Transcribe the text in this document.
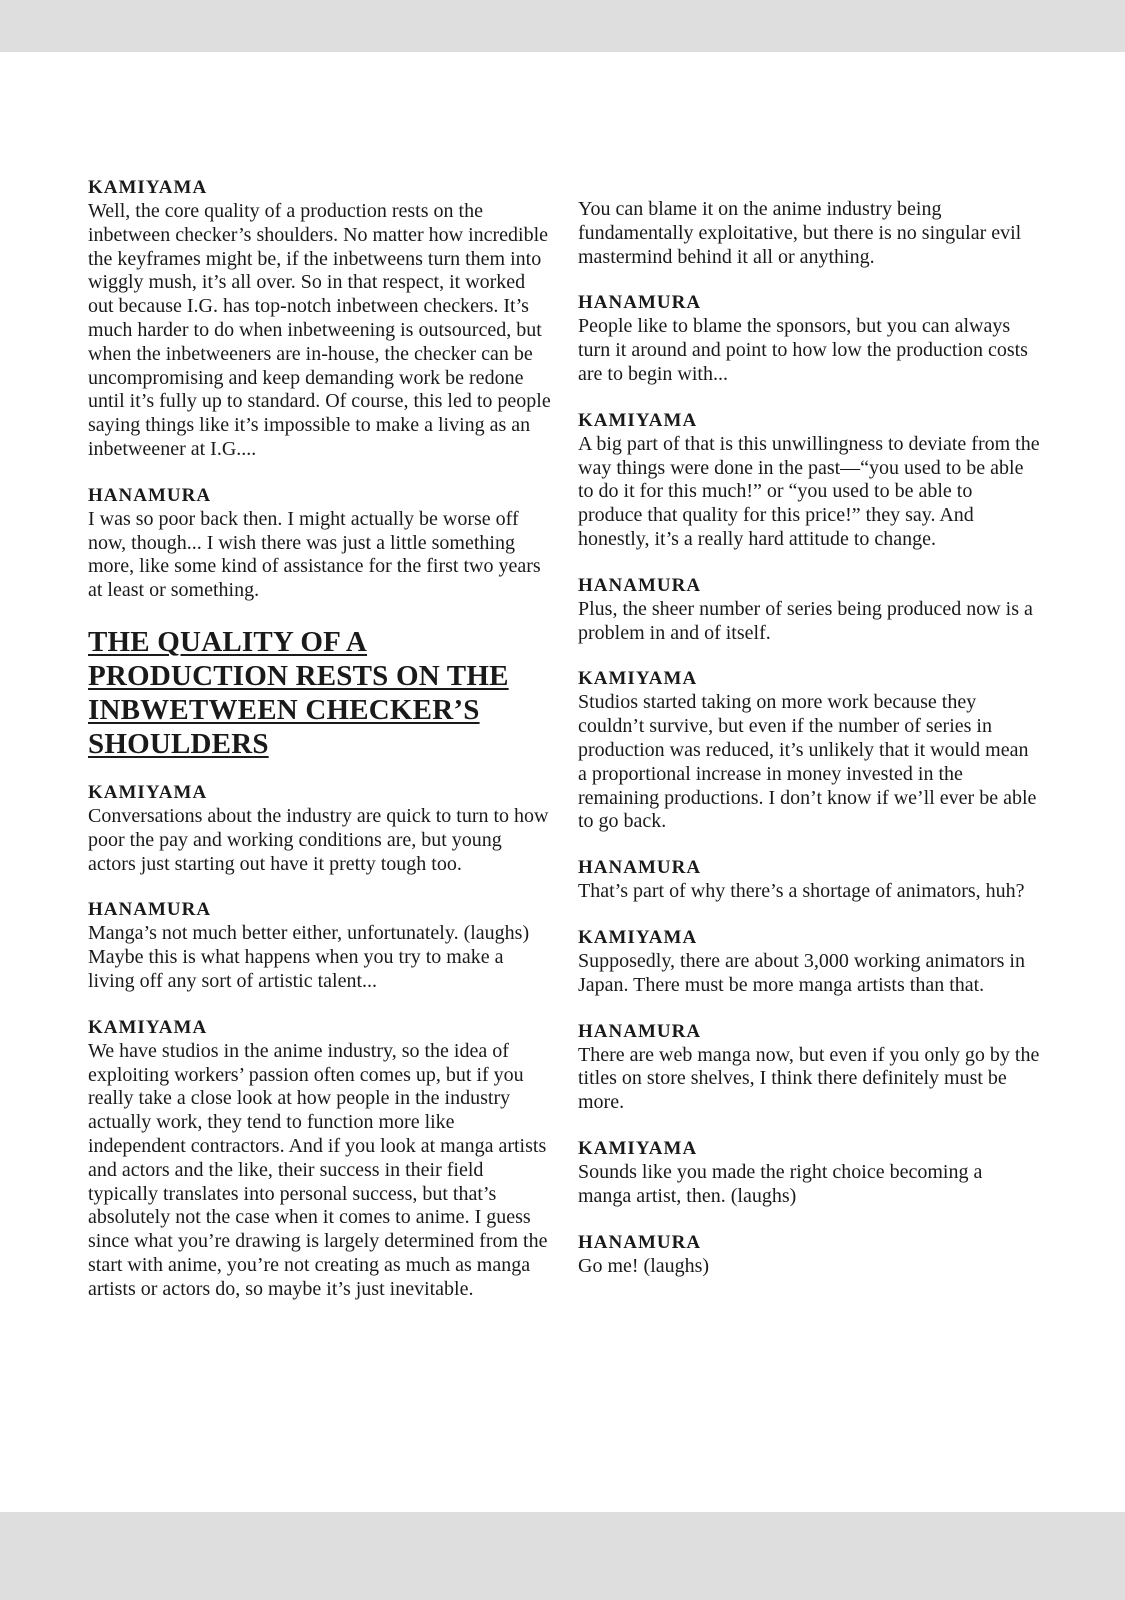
KAMIYAMA

Well, the core quality of a production rests on the inbetween checker’s shoulders. No matter how incredible the keyframes might be, if the inbetweens turn them into wiggly mush, it’s all over. So in that respect, it worked out because I.G. has top-notch inbetween checkers. It’s much harder to do when inbetweening is outsourced, but when the inbetweeners are in-house, the checker can be uncompromising and keep demanding work be redone until it’s fully up to standard. Of course, this led to people saying things like it’s impossible to make a living as an inbetweener at I.G....

HANAMURA

I was so poor back then. I might actually be worse off now, though... I wish there was just a little something more, like some kind of assistance for the first two years at least or something.

THE QUALITY OF A PRODUCTION RESTS ON THE INBWETWEEN CHECKER’S SHOULDERS

KAMIYAMA

Conversations about the industry are quick to turn to how poor the pay and working conditions are, but young actors just starting out have it pretty tough too.

HANAMURA

Manga’s not much better either, unfortunately. (laughs) Maybe this is what happens when you try to make a living off any sort of artistic talent...

KAMIYAMA

We have studios in the anime industry, so the idea of exploiting workers’ passion often comes up, but if you really take a close look at how people in the industry actually work, they tend to function more like independent contractors. And if you look at manga artists and actors and the like, their success in their field typically translates into personal success, but that’s absolutely not the case when it comes to anime. I guess since what you’re drawing is largely determined from the start with anime, you’re not creating as much as manga artists or actors do, so maybe it’s just inevitable.

You can blame it on the anime industry being fundamentally exploitative, but there is no singular evil mastermind behind it all or anything.

HANAMURA

People like to blame the sponsors, but you can always turn it around and point to how low the production costs are to begin with...

KAMIYAMA

A big part of that is this unwillingness to deviate from the way things were done in the past—“you used to be able to do it for this much!” or “you used to be able to produce that quality for this price!” they say. And honestly, it’s a really hard attitude to change.

HANAMURA

Plus, the sheer number of series being produced now is a problem in and of itself.

KAMIYAMA

Studios started taking on more work because they couldn’t survive, but even if the number of series in production was reduced, it’s unlikely that it would mean a proportional increase in money invested in the remaining productions. I don’t know if we’ll ever be able to go back.

HANAMURA

That’s part of why there’s a shortage of animators, huh?

KAMIYAMA

Supposedly, there are about 3,000 working animators in Japan. There must be more manga artists than that.

HANAMURA

There are web manga now, but even if you only go by the titles on store shelves, I think there definitely must be more.

KAMIYAMA

Sounds like you made the right choice becoming a manga artist, then. (laughs)

HANAMURA

Go me! (laughs)
